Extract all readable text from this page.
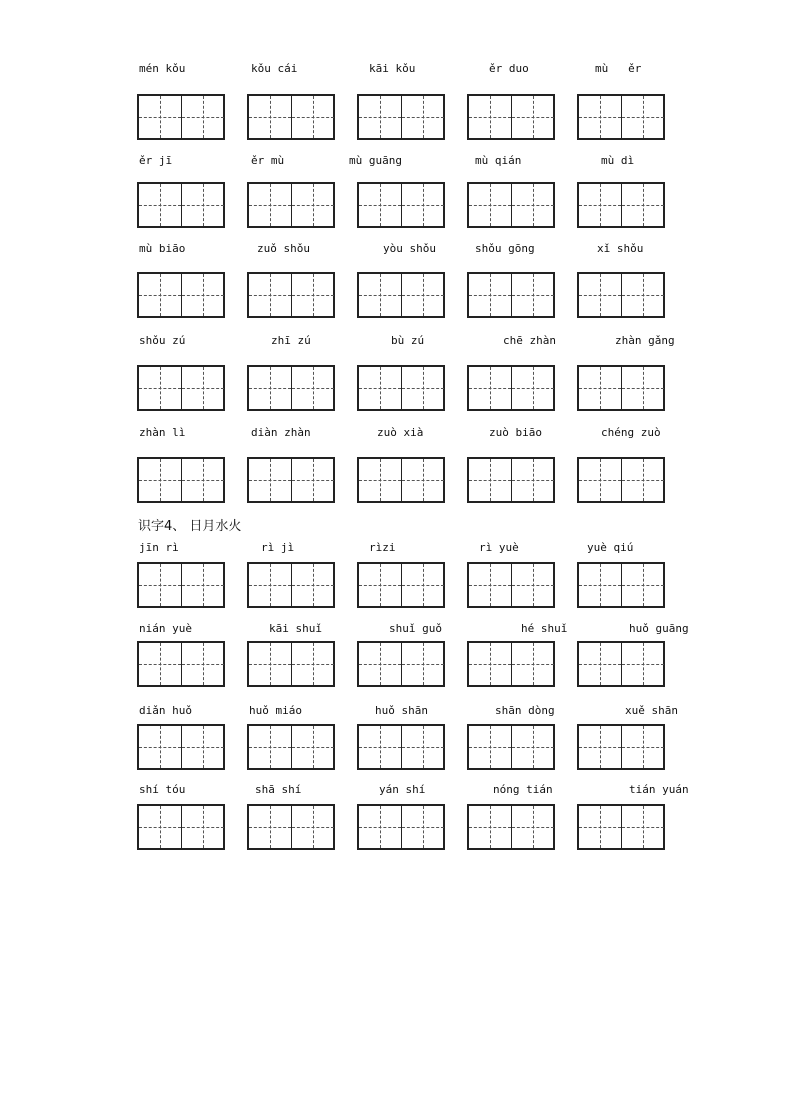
识字4、 日月水火
mén kǒu	kǒu cái	kāi kǒu	ěr duo	mù   ěr
ěr jī	ěr mù	mù guāng	mù qián	mù dì
mù biāo	zuǒ shǒu	yòu shǒu	shǒu gōng	xǐ shǒu
shǒu zú	zhī zú	bù zú	chē zhàn	zhàn gǎng
zhàn lì	diàn zhàn	zuò xià	zuò biāo	chéng zuò
jīn rì	rì jì	rìzi	rì yuè	yuè qiú
nián yuè	kāi shuǐ	shuǐ guǒ	hé shuǐ	huǒ guāng
diǎn huǒ	huǒ miáo	huǒ shān	shān dòng	xuě shān
shí tóu	shā shí	yán shí	nóng tián	tián yuán
